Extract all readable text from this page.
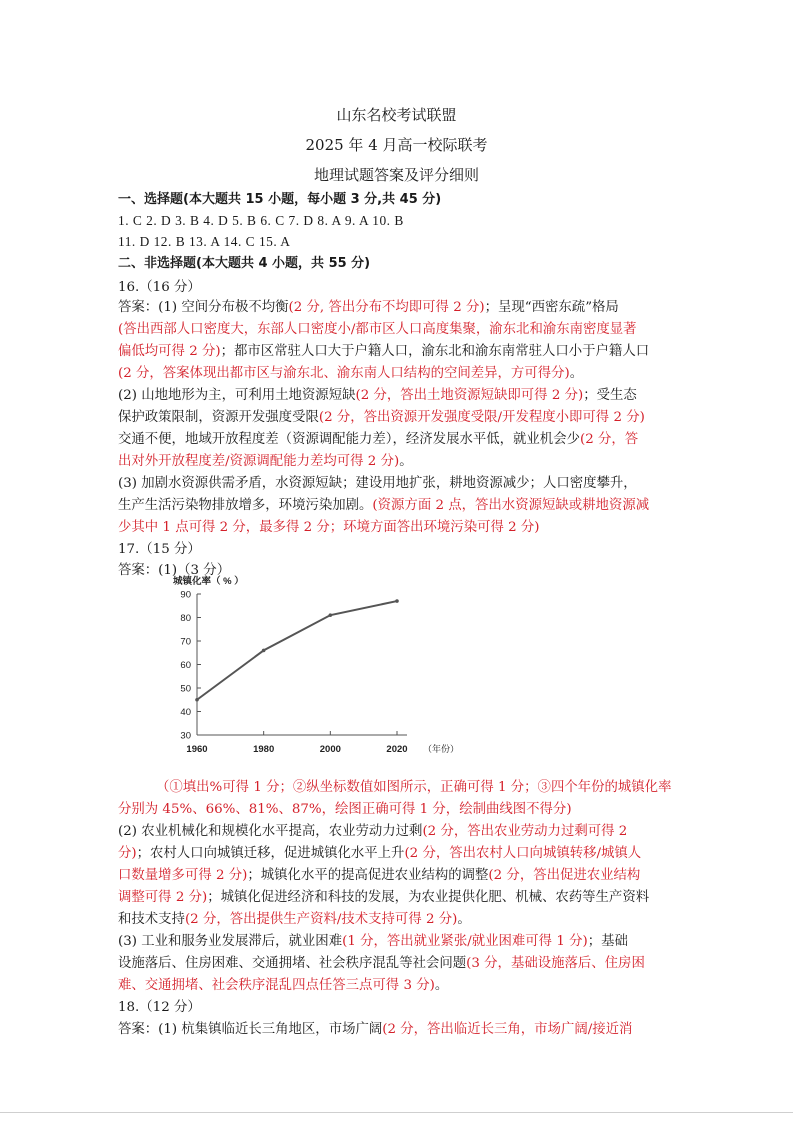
山东名校考试联盟
2025 年 4 月高一校际联考
地理试题答案及评分细则
一、选择题(本大题共 15 小题，每小题 3 分,共 45 分)
1. C 2. D 3. B 4. D 5. B 6. C 7. D 8. A 9. A 10. B
11. D 12. B 13. A 14. C 15. A
二、非选择题(本大题共 4 小题，共 55 分)
16.（16 分）
答案：(1) 空间分布极不均衡(2 分, 答出分布不均即可得 2 分)；呈现“西密东疏”格局
(答出西部人口密度大，东部人口密度小/都市区人口高度集聚，渝东北和渝东南密度显著
偏低均可得 2 分)；都市区常驻人口大于户籍人口，渝东北和渝东南常驻人口小于户籍人口
(2 分，答案体现出都市区与渝东北、渝东南人口结构的空间差异，方可得分)。
(2) 山地地形为主，可利用土地资源短缺(2 分，答出土地资源短缺即可得 2 分)；受生态
保护政策限制，资源开发强度受限(2 分，答出资源开发强度受限/开发程度小即可得 2 分)
交通不便，地域开放程度差（资源调配能力差），经济发展水平低，就业机会少(2 分，答
出对外开放程度差/资源调配能力差均可得 2 分)。
(3) 加剧水资源供需矛盾，水资源短缺；建设用地扩张，耕地资源减少；人口密度攀升，
生产生活污染物排放增多，环境污染加剧。(资源方面 2 点，答出水资源短缺或耕地资源减
少其中 1 点可得 2 分，最多得 2 分；环境方面答出环境污染可得 2 分)
17.（15 分）
答案：(1)（3 分）
城镇化率（ % ）
30
40
50
60
70
80
90
1960	1980	2000	2020 （年份）
（①填出%可得 1 分；②纵坐标数值如图所示，正确可得 1 分；③四个年份的城镇化率
分别为 45%、66%、81%、87%，绘图正确可得 1 分，绘制曲线图不得分)
(2) 农业机械化和规模化水平提高，农业劳动力过剩(2 分，答出农业劳动力过剩可得 2
分)；农村人口向城镇迁移，促进城镇化水平上升(2 分，答出农村人口向城镇转移/城镇人
口数量增多可得 2 分)；城镇化水平的提高促进农业结构的调整(2 分，答出促进农业结构
调整可得 2 分)；城镇化促进经济和科技的发展，为农业提供化肥、机械、农药等生产资料
和技术支持(2 分，答出提供生产资料/技术支持可得 2 分)。
(3) 工业和服务业发展滞后，就业困难(1 分，答出就业紧张/就业困难可得 1 分)；基础
设施落后、住房困难、交通拥堵、社会秩序混乱等社会问题(3 分，基础设施落后、住房困
难、交通拥堵、社会秩序混乱四点任答三点可得 3 分)。
18.（12 分）
答案：(1) 杭集镇临近长三角地区，市场广阔(2 分，答出临近长三角，市场广阔/接近消
